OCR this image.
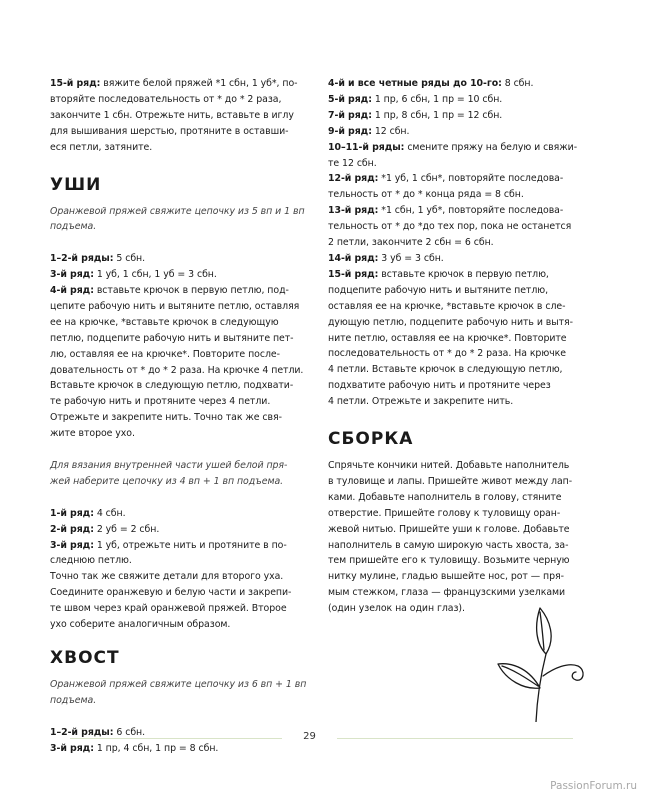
15-й ряд: вяжите белой пряжей *1 сбн, 1 уб*, по-
вторяйте последовательность от * до * 2 раза,
закончите 1 сбн. Отрежьте нить, вставьте в иглу
для вышивания шерстью, протяните в оставши-
еся петли, затяните.

УШИ

Оранжевой пряжей свяжите цепочку из 5 вп и 1 вп
подъема.

1–2-й ряды: 5 сбн.

3-й ряд: 1 уб, 1 сбн, 1 уб = 3 сбн.

4-й ряд: вставьте крючок в первую петлю, под-
цепите рабочую нить и вытяните петлю, оставляя
ее на крючке, *вставьте крючок в следующую
петлю, подцепите рабочую нить и вытяните пет-
лю, оставляя ее на крючке*. Повторите после-
довательность от * до * 2 раза. На крючке 4 петли.
Вставьте крючок в следующую петлю, подхвати-
те рабочую нить и протяните через 4 петли.
Отрежьте и закрепите нить. Точно так же свя-
жите второе ухо.

Для вязания внутренней части ушей белой пря-
жей наберите цепочку из 4 вп + 1 вп подъема.

1-й ряд: 4 сбн.

2-й ряд: 2 уб = 2 сбн.

3-й ряд: 1 уб, отрежьте нить и протяните в по-
следнюю петлю.

Точно так же свяжите детали для второго уха.
Соедините оранжевую и белую части и закрепи-
те швом через край оранжевой пряжей. Второе
ухо соберите аналогичным образом.

ХВОСТ

Оранжевой пряжей свяжите цепочку из 6 вп + 1 вп
подъема.

1–2-й ряды: 6 сбн.

3-й ряд: 1 пр, 4 сбн, 1 пр = 8 сбн.

4-й и все четные ряды до 10-го: 8 сбн.

5-й ряд: 1 пр, 6 сбн, 1 пр = 10 сбн.

7-й ряд: 1 пр, 8 сбн, 1 пр = 12 сбн.

9-й ряд: 12 сбн.

10–11-й ряды: смените пряжу на белую и свяжи-
те 12 сбн.

12-й ряд: *1 уб, 1 сбн*, повторяйте последова-
тельность от * до * конца ряда = 8 сбн.

13-й ряд: *1 сбн, 1 уб*, повторяйте последова-
тельность от * до *до тех пор, пока не останется
2 петли, закончите 2 сбн = 6 сбн.

14-й ряд: 3 уб = 3 сбн.

15-й ряд: вставьте крючок в первую петлю,
подцепите рабочую нить и вытяните петлю,
оставляя ее на крючке, *вставьте крючок в сле-
дующую петлю, подцепите рабочую нить и вытя-
ните петлю, оставляя ее на крючке*. Повторите
последовательность от * до * 2 раза. На крючке
4 петли. Вставьте крючок в следующую петлю,
подхватите рабочую нить и протяните через
4 петли. Отрежьте и закрепите нить.

СБОРКА

Спрячьте кончики нитей. Добавьте наполнитель
в туловище и лапы. Пришейте живот между лап-
ками. Добавьте наполнитель в голову, стяните
отверстие. Пришейте голову к туловищу оран-
жевой нитью. Пришейте уши к голове. Добавьте
наполнитель в самую широкую часть хвоста, за-
тем пришейте его к туловищу. Возьмите черную
нитку мулине, гладью вышейте нос, рот — пря-
мым стежком, глаза — французскими узелками
(один узелок на один глаз).

29
PassionForum.ru
